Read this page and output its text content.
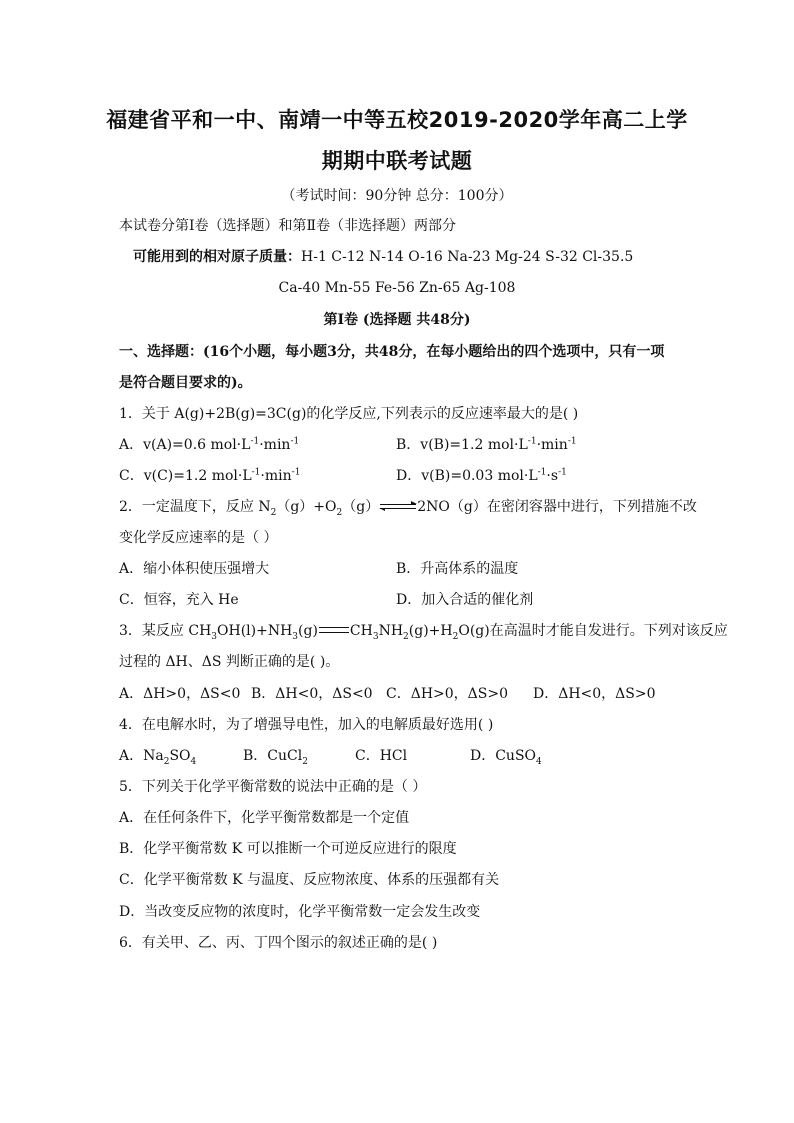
福建省平和一中、南靖一中等五校2019-2020学年高二上学
期期中联考试题
（考试时间：90分钟 总分：100分）
本试卷分第Ⅰ卷（选择题）和第Ⅱ卷（非选择题）两部分
可能用到的相对原子质量：H-1 C-12 N-14 O-16 Na-23 Mg-24 S-32 Cl-35.5
Ca-40 Mn-55 Fe-56 Zn-65 Ag-108
第Ⅰ卷 (选择题 共48分)
一、选择题：(16个小题，每小题3分，共48分，在每小题给出的四个选项中，只有一项
是符合题目要求的)。
1．关于 A(g)+2B(g)=3C(g)的化学反应,下列表示的反应速率最大的是( )
A．v(A)=0.6 $mol\cdot L^{-1}\cdot\min^{-1}$	B．v(B)=1.2 $mol\cdot L^{-1}\cdot\min^{-1}$
C．v(C)=1.2 $mol\cdot L^{-1}\cdot\min^{-1}$	D．v(B)=0.03 $mol\cdot L^{-1}\cdot s^{-1}$
2．一定温度下，反应 $N_2(g)+O_2(g)$	2NO（g）在密闭容器中进行，下列措施不改
变化学反应速率的是（ ）
A．缩小体积使压强增大	B．升高体系的温度
C．恒容，充入 He	D．加入合适的催化剂
3．某反应 $CH_3OH(l)+NH_3(g)$ $CH_3NH_2(g)+H_2O(g)$在高温时才能自发进行。下列对该反应
过程的 ΔH、ΔS 判断正确的是( )。
A．ΔH>0，ΔS<0 B．ΔH<0，ΔS<0 C．ΔH>0，ΔS>0 D．ΔH<0，ΔS>0
4．在电解水时，为了增强导电性，加入的电解质最好选用( )
A．$Na_2SO_4$	B．CuCl$_2$	C．HCl	D．CuSO$_4$
5．下列关于化学平衡常数的说法中正确的是（ ）
A．在任何条件下，化学平衡常数都是一个定值
B．化学平衡常数 K 可以推断一个可逆反应进行的限度
C．化学平衡常数 K 与温度、反应物浓度、体系的压强都有关
D．当改变反应物的浓度时，化学平衡常数一定会发生改变
6．有关甲、乙、丙、丁四个图示的叙述正确的是( )
